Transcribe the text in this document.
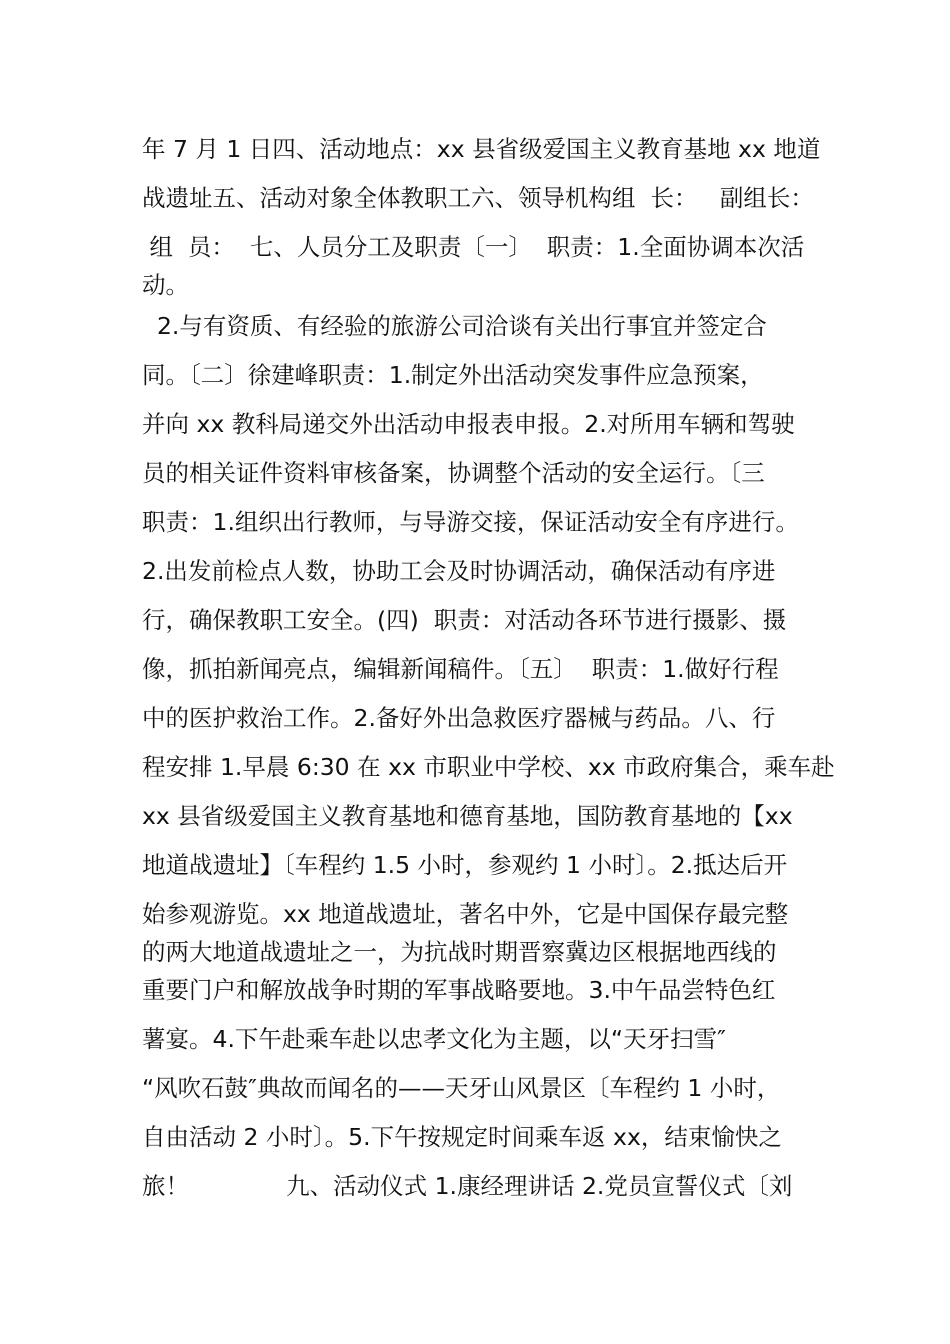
年 7 月 1 日四、活动地点：xx 县省级爱国主义教育基地 xx 地道
战遗址五、活动对象全体教职工六、领导机构组  长：   副组长：
组  员：  七、人员分工及职责〔一〕  职责：1.全面协调本次活
动。
2.与有资质、有经验的旅游公司洽谈有关出行事宜并签定合
同。〔二〕徐建峰职责：1.制定外出活动突发事件应急预案，
并向 xx 教科局递交外出活动申报表申报。2.对所用车辆和驾驶
员的相关证件资料审核备案，协调整个活动的安全运行。〔三
职责：1.组织出行教师，与导游交接，保证活动安全有序进行。
2.出发前检点人数，协助工会及时协调活动，确保活动有序进
行，确保教职工安全。(四)  职责：对活动各环节进行摄影、摄
像，抓拍新闻亮点，编辑新闻稿件。〔五〕  职责：1.做好行程
中的医护救治工作。2.备好外出急救医疗器械与药品。八、行
程安排 1.早晨 6:30 在 xx 市职业中学校、xx 市政府集合，乘车赴
xx 县省级爱国主义教育基地和德育基地，国防教育基地的【xx
地道战遗址】〔车程约 1.5 小时，参观约 1 小时〕。2.抵达后开
始参观游览。xx 地道战遗址，著名中外，它是中国保存最完整
的两大地道战遗址之一，为抗战时期晋察冀边区根据地西线的
重要门户和解放战争时期的军事战略要地。3.中午品尝特色红
薯宴。4.下午赴乘车赴以忠孝文化为主题，以“天牙扫雪″
“风吹石鼓″典故而闻名的——天牙山风景区〔车程约 1 小时，
自由活动 2 小时〕。5.下午按规定时间乘车返 xx，结束愉快之
旅！             九、活动仪式 1.康经理讲话 2.党员宣誓仪式〔刘
